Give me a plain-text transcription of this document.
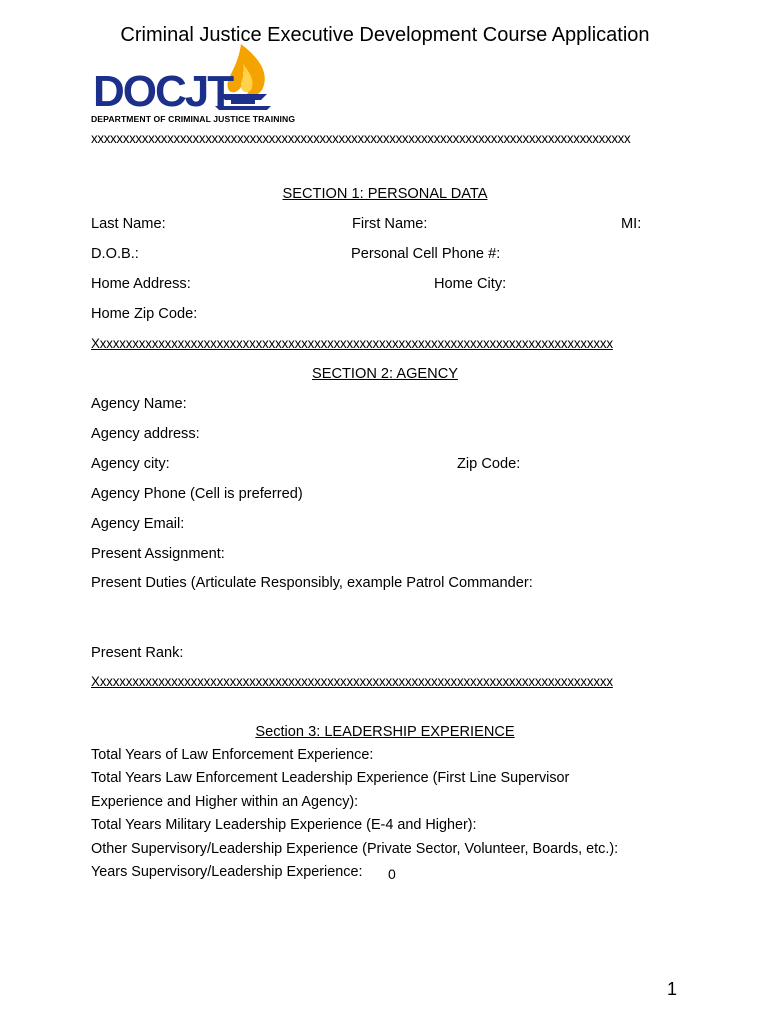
Criminal Justice Executive Development Course Application
DOCJT
DEPARTMENT OF CRIMINAL JUSTICE TRAINING
xxxxxxxxxxxxxxxxxxxxxxxxxxxxxxxxxxxxxxxxxxxxxxxxxxxxxxxxxxxxxxxxxxxxxxxxxxxxxxxxxxxxx
SECTION 1: PERSONAL DATA
Last Name:	First Name:	MI:
D.O.B.:	Personal Cell Phone #:
Home Address:	Home City:
Home Zip Code:
Xxxxxxxxxxxxxxxxxxxxxxxxxxxxxxxxxxxxxxxxxxxxxxxxxxxxxxxxxxxxxxxxxxxxxxxxxxxxxxxx
SECTION 2: AGENCY
Agency Name:
Agency address:
Agency city:	Zip Code:
Agency Phone (Cell is preferred)
Agency Email:
Present Assignment:
Present Duties (Articulate Responsibly, example Patrol Commander:
Present Rank:
Xxxxxxxxxxxxxxxxxxxxxxxxxxxxxxxxxxxxxxxxxxxxxxxxxxxxxxxxxxxxxxxxxxxxxxxxxxxxxxxx
Section 3: LEADERSHIP EXPERIENCE
Total Years of Law Enforcement Experience:
Total Years Law Enforcement Leadership Experience (First Line Supervisor
Experience and Higher within an Agency):
Total Years Military Leadership Experience (E-4 and Higher):
Other Supervisory/Leadership Experience (Private Sector, Volunteer, Boards, etc.):
Years Supervisory/Leadership Experience: 0
1
